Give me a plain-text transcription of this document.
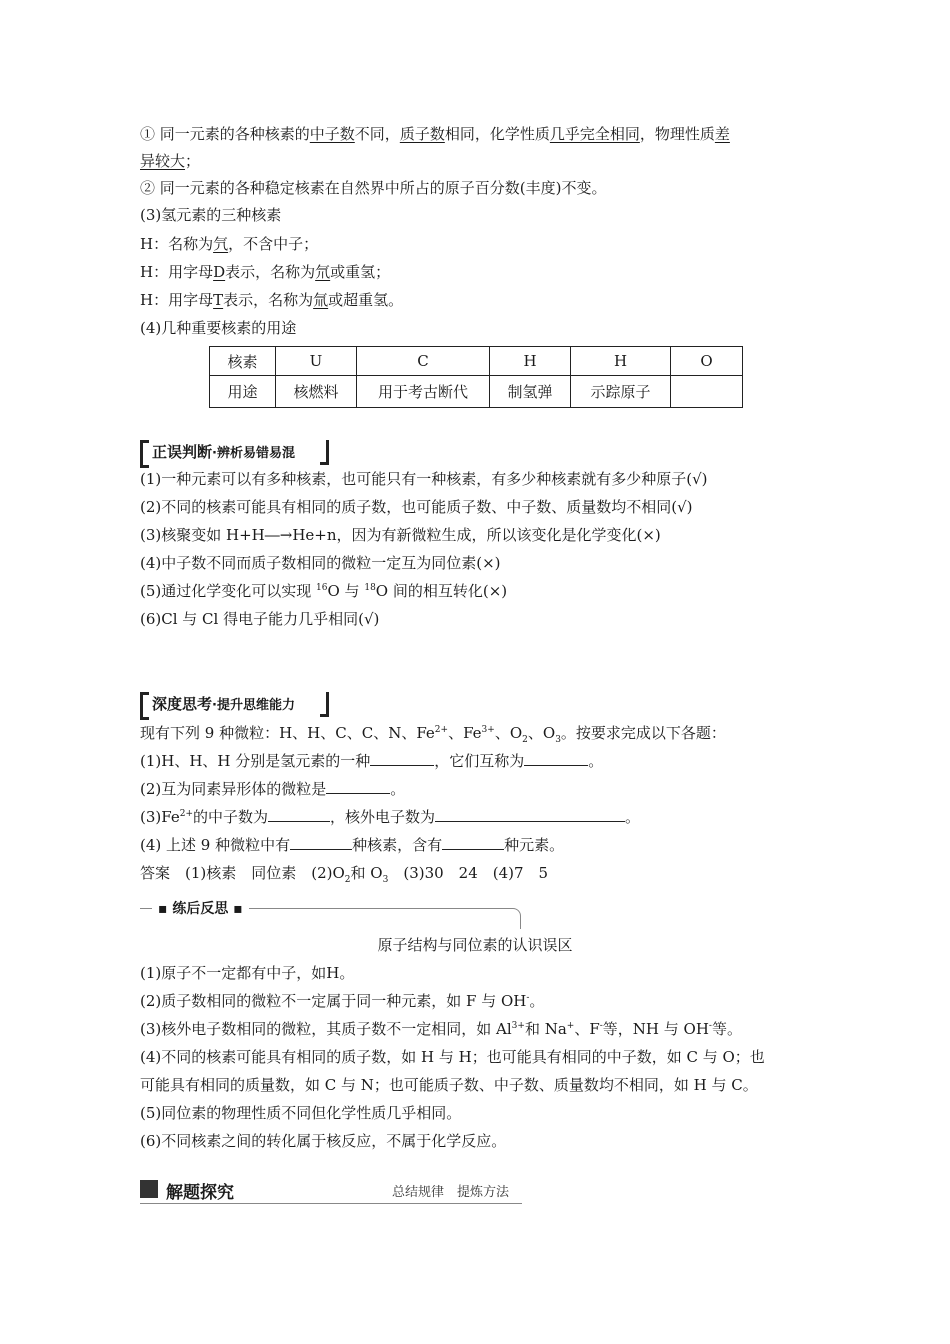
① 同一元素的各种核素的中子数不同，质子数相同，化学性质几乎完全相同，物理性质差
异较大；
② 同一元素的各种稳定核素在自然界中所占的原子百分数(丰度)不变。
(3)氢元素的三种核素
H：名称为氕，不含中子；
H：用字母D表示，名称为氘或重氢；
H：用字母T表示，名称为氚或超重氢。
(4)几种重要核素的用途
核素	U	C	H	H	O
用途	核燃料	用于考古断代	制氢弹	示踪原子	
正误判断·辨析易错易混
(1)一种元素可以有多种核素，也可能只有一种核素，有多少种核素就有多少种原子(√)
(2)不同的核素可能具有相同的质子数，也可能质子数、中子数、质量数均不相同(√)
(3)核聚变如 H+H―→He+n，因为有新微粒生成，所以该变化是化学变化(×)
(4)中子数不同而质子数相同的微粒一定互为同位素(×)
(5)通过化学变化可以实现 $^{16}$O 与 $^{18}$O 间的相互转化(×)
(6)Cl 与 Cl 得电子能力几乎相同(√)
深度思考·提升思维能力
现有下列 9 种微粒：H、H、C、C、N、$Fe^{2+}$、$Fe^{3+}$、$O_2$、$O_3$。按要求完成以下各题：
(1)H、H、H 分别是氢元素的一种	，它们互称为	。
(2)互为同素异形体的微粒是	。
$(3)Fe^{2+}$的中子数为	，核外电子数为	。
(4) 上述 9 种微粒中有	种核素，含有	种元素。
答案　(1)核素　同位素　$(2)O_2$和 $O_3$　(3)30　24　(4)7　5
▪ 练后反思 ▪
原子结构与同位素的认识误区
(1)原子不一定都有中子，如H。
(2)质子数相同的微粒不一定属于同一种元素，如 F 与 OH-。
(3)核外电子数相同的微粒，其质子数不一定相同，如 $Al^{3+}$和 Na+、F-等，NH 与 OH-等。
(4)不同的核素可能具有相同的质子数，如 H 与 H；也可能具有相同的中子数，如 C 与 O；也
可能具有相同的质量数，如 C 与 N；也可能质子数、中子数、质量数均不相同，如 H 与 C。
(5)同位素的物理性质不同但化学性质几乎相同。
(6)不同核素之间的转化属于核反应，不属于化学反应。
解题探究	总结规律　提炼方法
